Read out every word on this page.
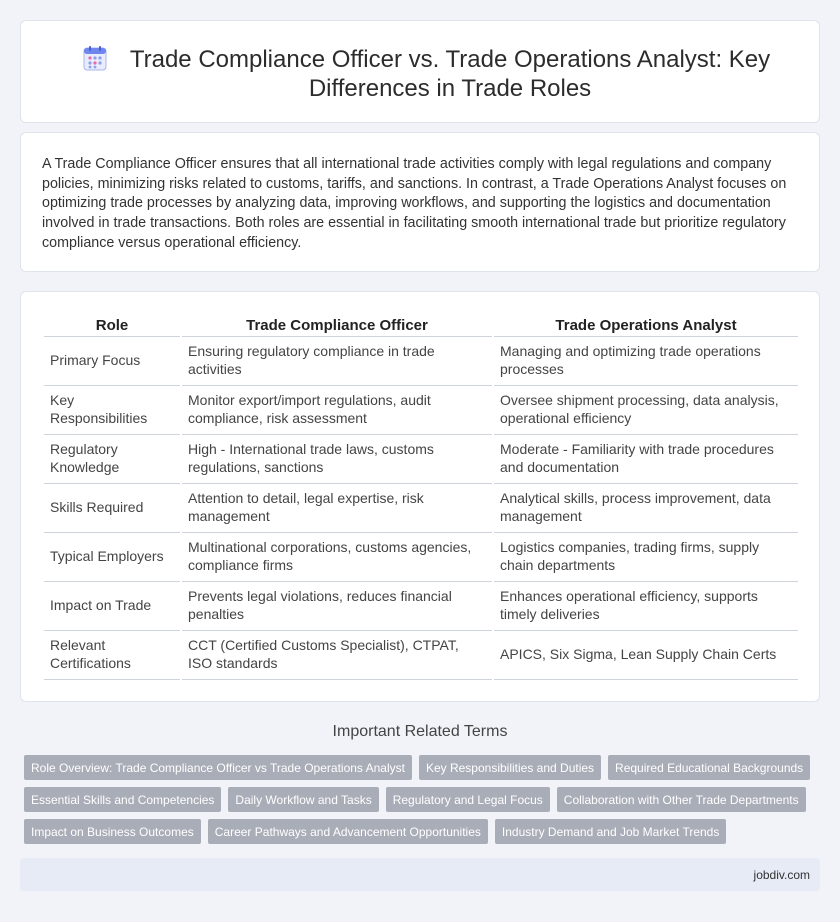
Trade Compliance Officer vs. Trade Operations Analyst: Key Differences in Trade Roles

A Trade Compliance Officer ensures that all international trade activities comply with legal regulations and company policies, minimizing risks related to customs, tariffs, and sanctions. In contrast, a Trade Operations Analyst focuses on optimizing trade processes by analyzing data, improving workflows, and supporting the logistics and documentation involved in trade transactions. Both roles are essential in facilitating smooth international trade but prioritize regulatory compliance versus operational efficiency.

Role	Trade Compliance Officer	Trade Operations Analyst
Primary Focus	Ensuring regulatory compliance in trade activities	Managing and optimizing trade operations processes
Key Responsibilities	Monitor export/import regulations, audit compliance, risk assessment	Oversee shipment processing, data analysis, operational efficiency
Regulatory Knowledge	High - International trade laws, customs regulations, sanctions	Moderate - Familiarity with trade procedures and documentation
Skills Required	Attention to detail, legal expertise, risk management	Analytical skills, process improvement, data management
Typical Employers	Multinational corporations, customs agencies, compliance firms	Logistics companies, trading firms, supply chain departments
Impact on Trade	Prevents legal violations, reduces financial penalties	Enhances operational efficiency, supports timely deliveries
Relevant Certifications	CCT (Certified Customs Specialist), CTPAT, ISO standards	APICS, Six Sigma, Lean Supply Chain Certs
Important Related Terms
Role Overview: Trade Compliance Officer vs Trade Operations Analyst	Key Responsibilities and Duties	Required Educational Backgrounds
Essential Skills and Competencies	Daily Workflow and Tasks	Regulatory and Legal Focus	Collaboration with Other Trade Departments
Impact on Business Outcomes	Career Pathways and Advancement Opportunities	Industry Demand and Job Market Trends
jobdiv.com
